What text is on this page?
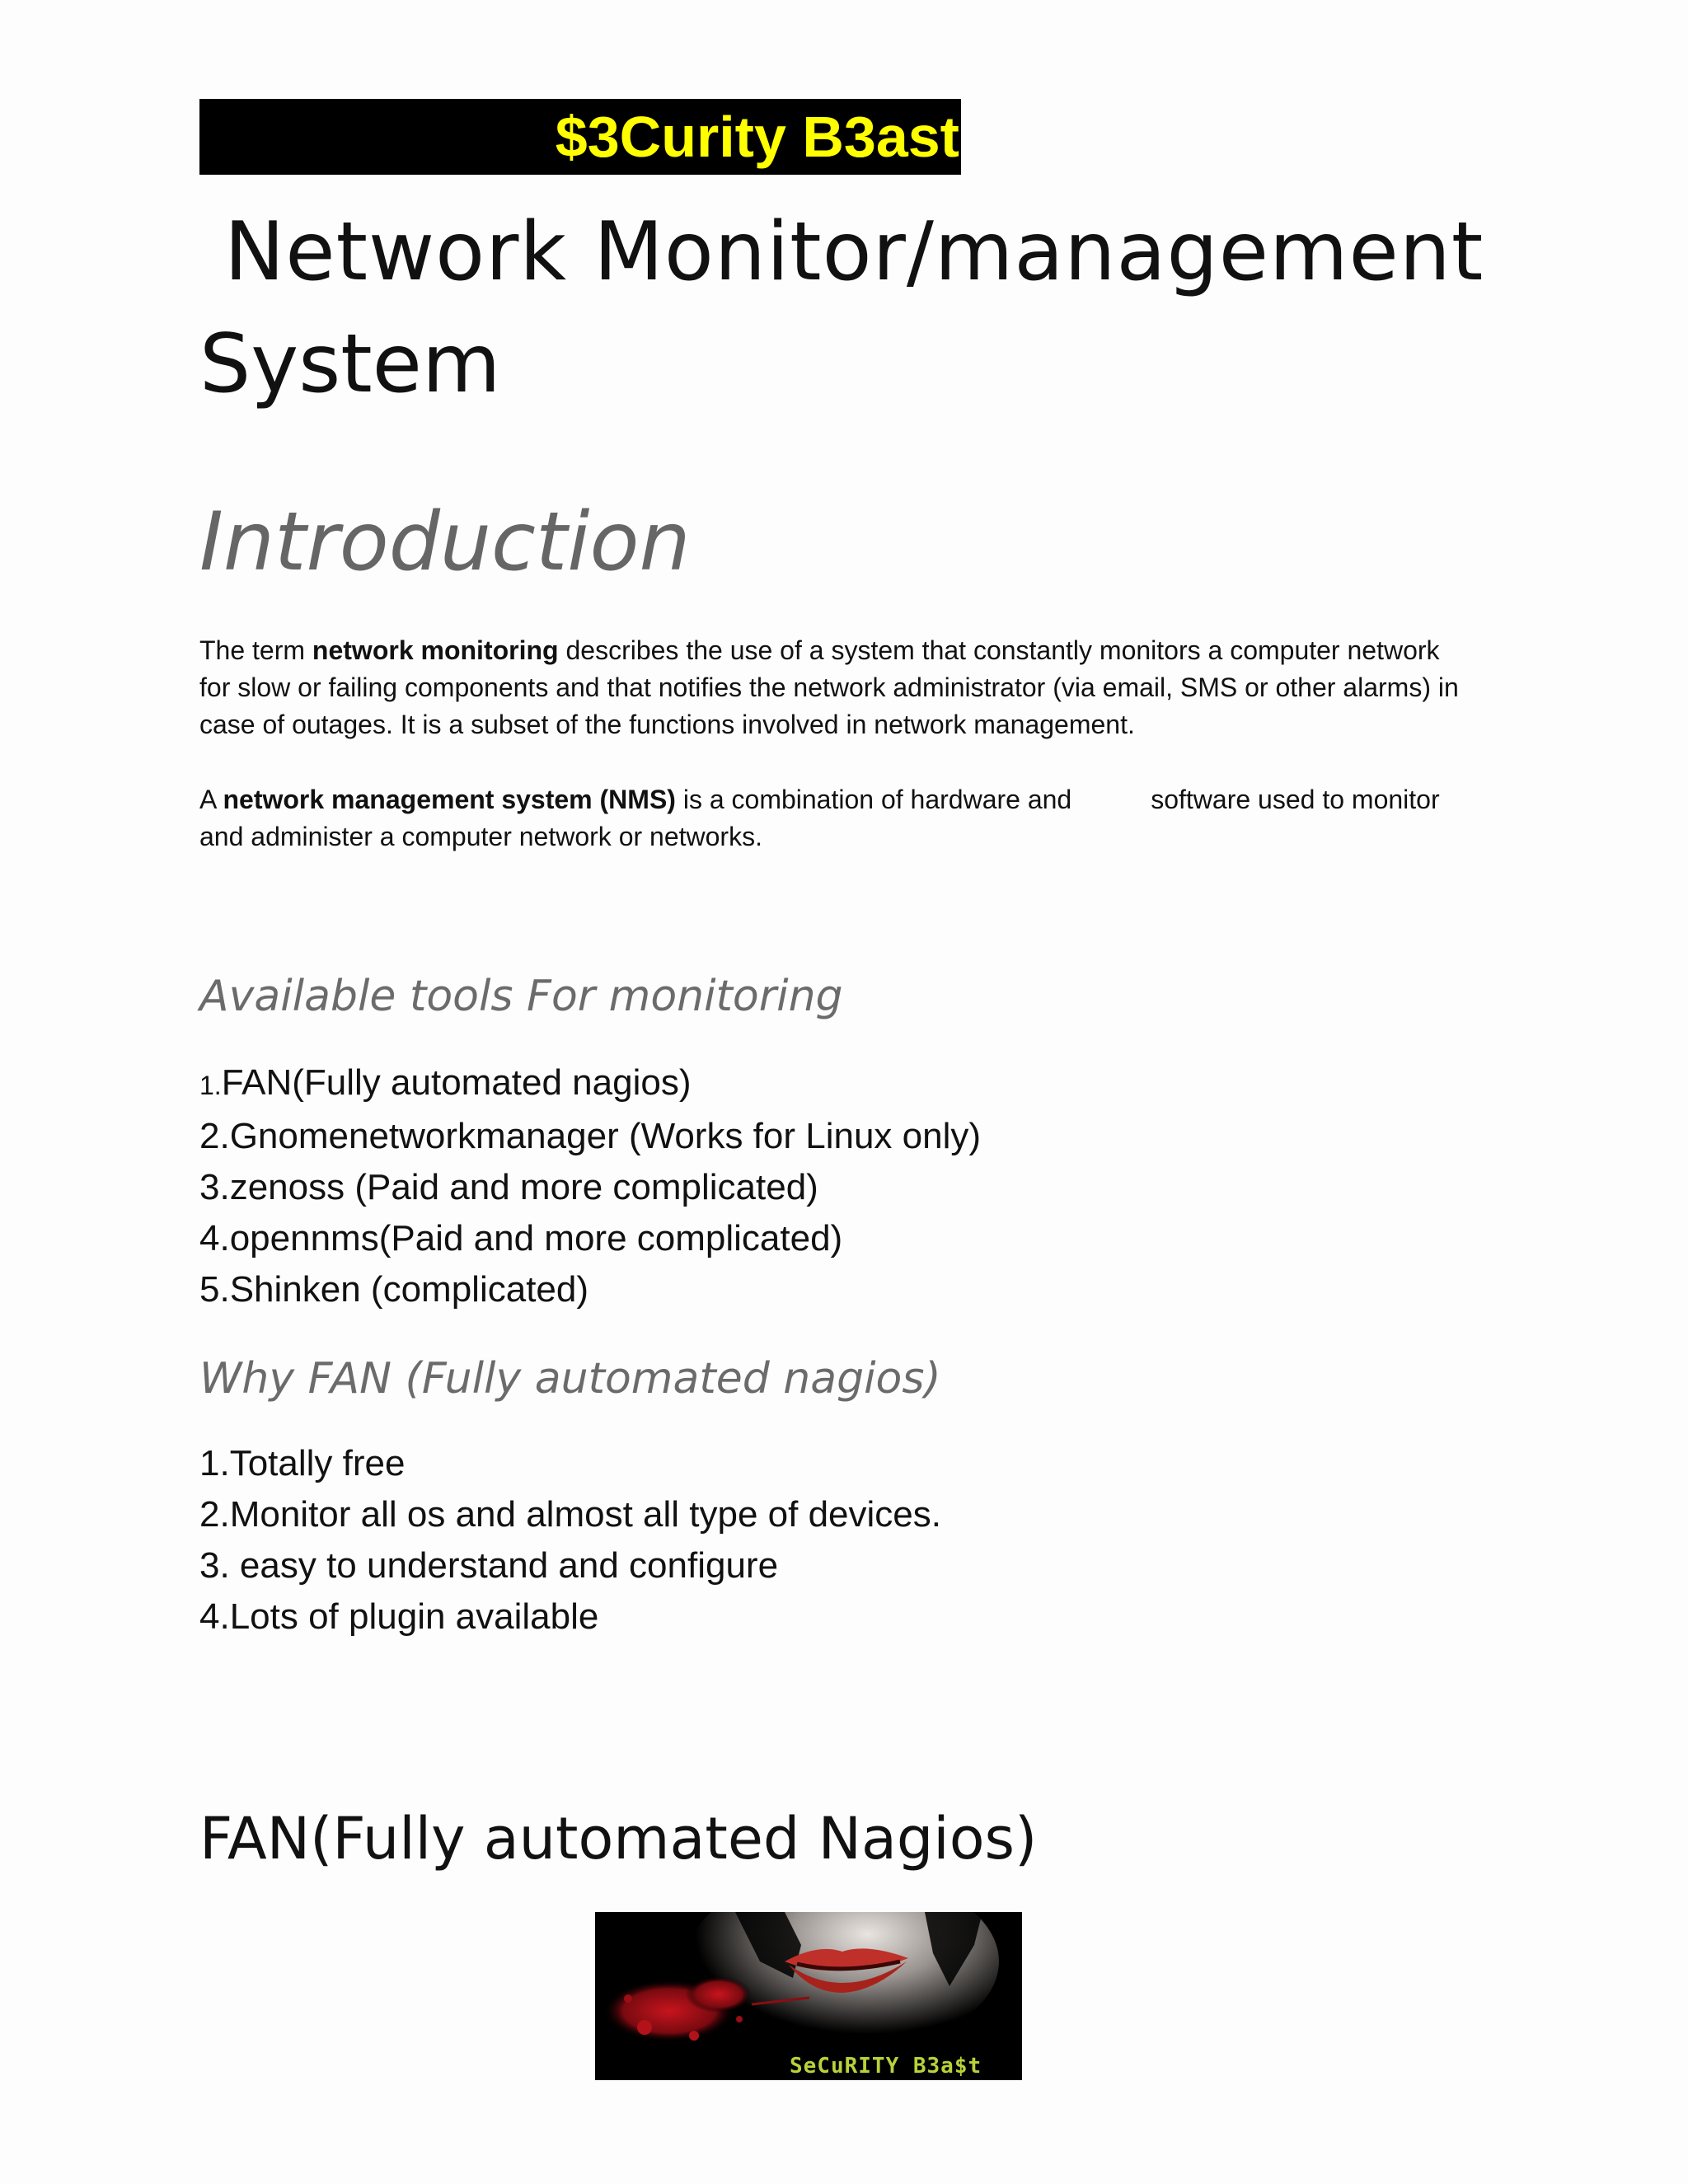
$3Curity B3ast
Network Monitor/management
System
Introduction

The term network monitoring describes the use of a system that constantly monitors a computer network for slow or failing components and that notifies the network administrator (via email, SMS or other alarms) in case of outages. It is a subset of the functions involved in network management.

A network management system (NMS) is a combination of hardware and	software used to monitor and administer a computer network or networks.

Available tools For monitoring
1.FAN(Fully automated nagios)
2.Gnomenetworkmanager (Works for Linux only)
3.zenoss (Paid and more complicated)
4.opennms(Paid and more complicated)
5.Shinken (complicated)
Why FAN (Fully automated nagios)
1.Totally free
2.Monitor all os and almost all type of devices.
3. easy to understand and configure
4.Lots of plugin available
FAN(Fully automated Nagios)
SeCuRITY B3a$t
